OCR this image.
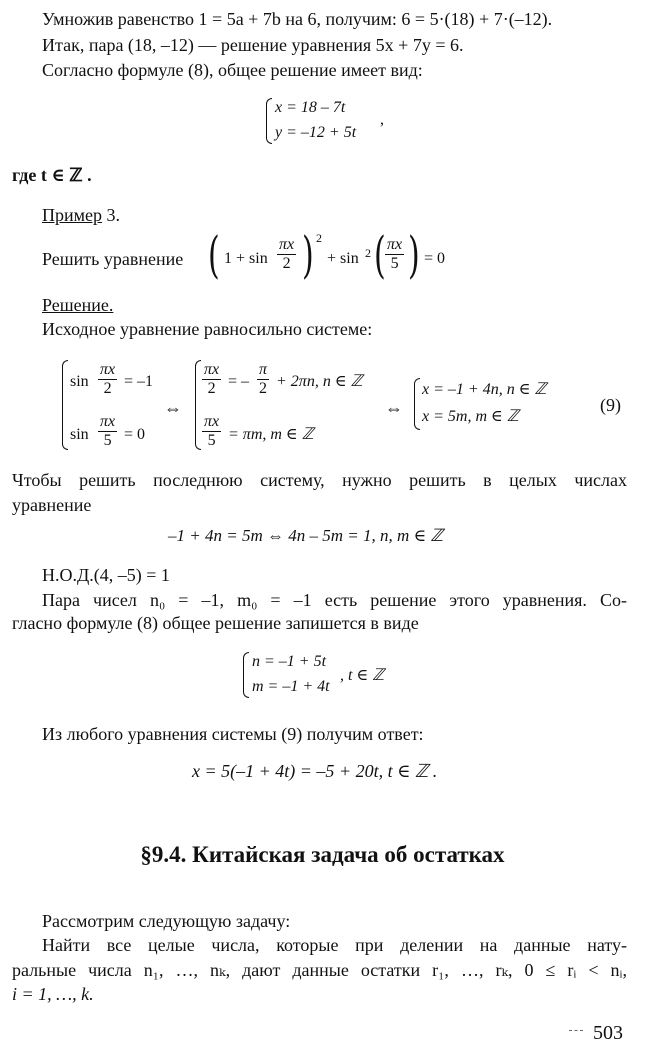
Умножив равенство 1 = 5a + 7b на 6, получим: 6 = 5·(18) + 7·(–12).
Итак, пара (18, –12) — решение уравнения 5x + 7y = 6.
Согласно формуле (8), общее решение имеет вид:
x = 18 – 7t
y = –12 + 5t
,
где t ∈ ℤ .
Пример 3.
Решить уравнение ( $1 + \sin \frac{\pi x}{2}$ ) 2
+ sin 2 ( $\frac{\pi x}{5}$ ) = 0
Решение.
Исходное уравнение равносильно системе:
$\sin \frac{\pi x}{2} = -1$
$\sin \frac{\pi x}{5} = 0$
⇔
$\frac{\pi x}{2}$ = – $\frac{\pi}{2} + 2\pi n$, n ∈ ℤ
$\frac{\pi x}{5} = \pi m$, m ∈ ℤ
⇔
x = –1 + 4n, n ∈ ℤ
x = 5m, m ∈ ℤ
(9)
Чтобы решить последнюю систему, нужно решить в целых числах
уравнение
–1 + 4n = 5m ⇔ 4n – 5m = 1, n, m ∈ ℤ
Н.О.Д.(4, –5) = 1
Пара чисел n₀ = –1, m₀ = –1 есть решение этого уравнения. Со-
гласно формуле (8) общее решение запишется в виде
n = –1 + 5t
m = –1 + 4t
, t ∈ ℤ
Из любого уравнения системы (9) получим ответ:
x = 5(–1 + 4t) = –5 + 20t, t ∈ ℤ .
§9.4. Китайская задача об остатках
Рассмотрим следующую задачу:
Найти все целые числа, которые при делении на данные нату-
ральные числа n₁, …, nₖ, дают данные остатки r₁, …, rₖ, 0 ≤ rᵢ < nᵢ,
i = 1, …, k.
503
